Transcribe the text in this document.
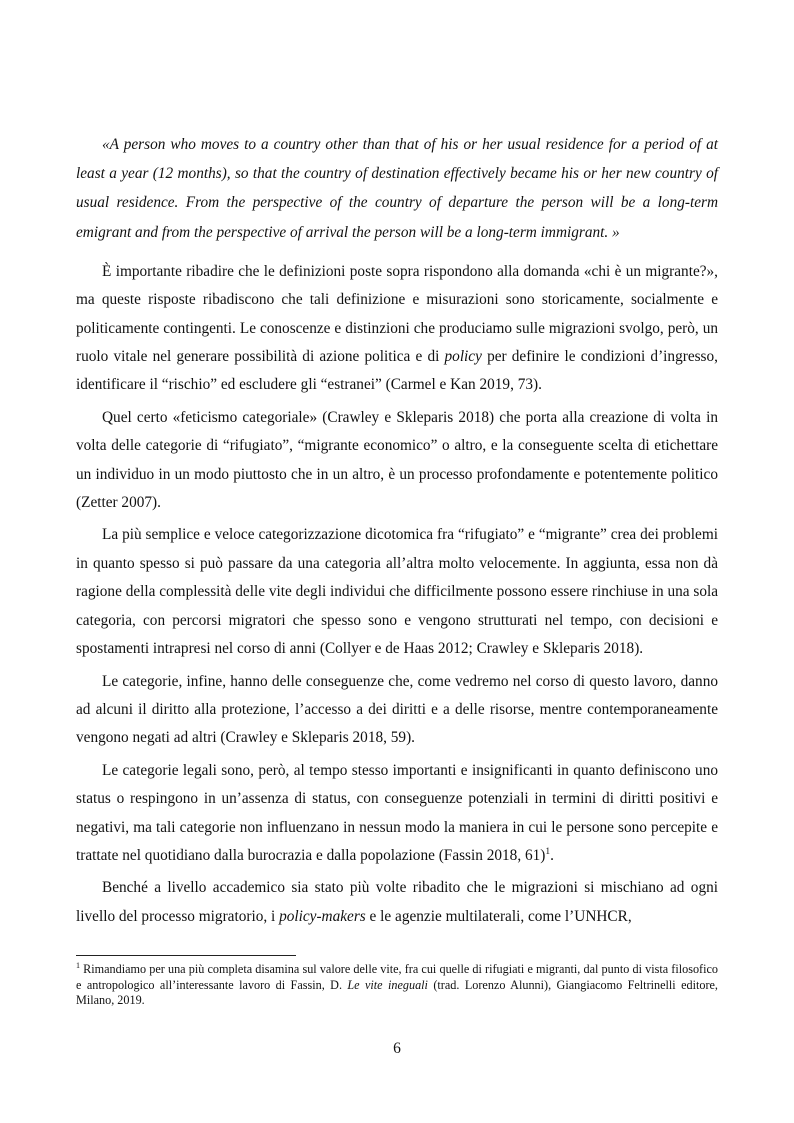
«A person who moves to a country other than that of his or her usual residence for a period of at least a year (12 months), so that the country of destination effectively became his or her new country of usual residence. From the perspective of the country of departure the person will be a long-term emigrant and from the perspective of arrival the person will be a long-term immigrant. »

È importante ribadire che le definizioni poste sopra rispondono alla domanda «chi è un migrante?», ma queste risposte ribadiscono che tali definizione e misurazioni sono storicamente, socialmente e politicamente contingenti. Le conoscenze e distinzioni che produciamo sulle migrazioni svolgo, però, un ruolo vitale nel generare possibilità di azione politica e di policy per definire le condizioni d’ingresso, identificare il “rischio” ed escludere gli “estranei” (Carmel e Kan 2019, 73).

Quel certo «feticismo categoriale» (Crawley e Skleparis 2018) che porta alla creazione di volta in volta delle categorie di “rifugiato”, “migrante economico” o altro, e la conseguente scelta di etichettare un individuo in un modo piuttosto che in un altro, è un processo profondamente e potentemente politico (Zetter 2007).

La più semplice e veloce categorizzazione dicotomica fra “rifugiato” e “migrante” crea dei problemi in quanto spesso si può passare da una categoria all’altra molto velocemente. In aggiunta, essa non dà ragione della complessità delle vite degli individui che difficilmente possono essere rinchiuse in una sola categoria, con percorsi migratori che spesso sono e vengono strutturati nel tempo, con decisioni e spostamenti intrapresi nel corso di anni (Collyer e de Haas 2012; Crawley e Skleparis 2018).

Le categorie, infine, hanno delle conseguenze che, come vedremo nel corso di questo lavoro, danno ad alcuni il diritto alla protezione, l’accesso a dei diritti e a delle risorse, mentre contemporaneamente vengono negati ad altri (Crawley e Skleparis 2018, 59).

Le categorie legali sono, però, al tempo stesso importanti e insignificanti in quanto definiscono uno status o respingono in un’assenza di status, con conseguenze potenziali in termini di diritti positivi e negativi, ma tali categorie non influenzano in nessun modo la maniera in cui le persone sono percepite e trattate nel quotidiano dalla burocrazia e dalla popolazione (Fassin 2018, 61)$^1$.

Benché a livello accademico sia stato più volte ribadito che le migrazioni si mischiano ad ogni livello del processo migratorio, i policy-makers e le agenzie multilaterali, come l’UNHCR,

$^1$ Rimandiamo per una più completa disamina sul valore delle vite, fra cui quelle di rifugiati e migranti, dal punto di vista filosofico e antropologico all’interessante lavoro di Fassin, D. Le vite ineguali (trad. Lorenzo Alunni), Giangiacomo Feltrinelli editore, Milano, 2019.

6
